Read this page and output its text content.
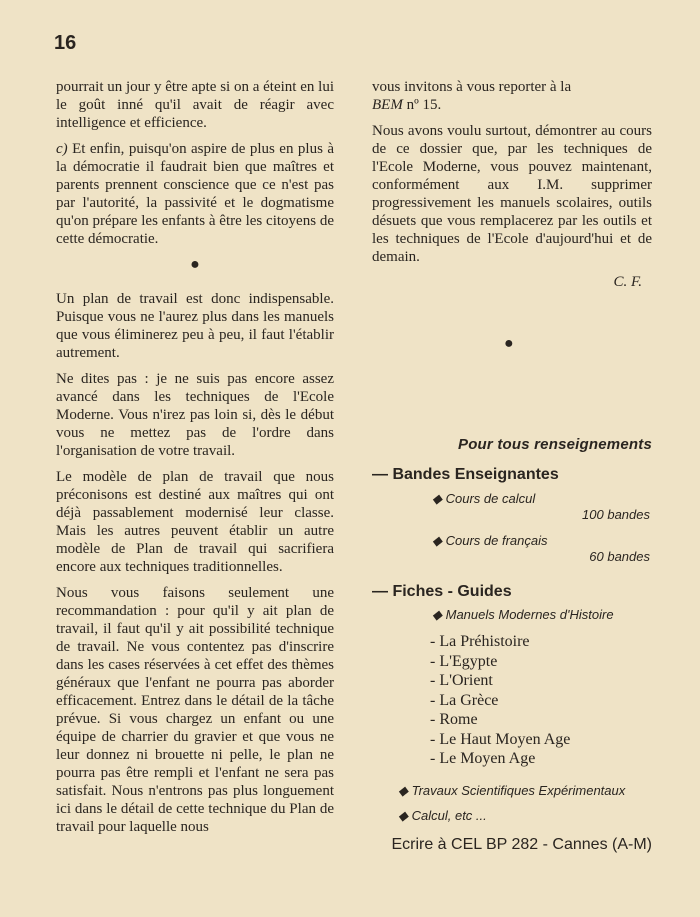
16

pourrait un jour y être apte si on a éteint en lui le goût inné qu'il avait de réagir avec intelligence et efficience.

c) Et enfin, puisqu'on aspire de plus en plus à la démocratie il faudrait bien que maîtres et parents prennent conscience que ce n'est pas par l'autorité, la passivité et le dogmatisme qu'on prépare les enfants à être les citoyens de cette démocratie.

●

Un plan de travail est donc indispensable. Puisque vous ne l'aurez plus dans les manuels que vous éliminerez peu à peu, il faut l'établir autrement.

Ne dites pas : je ne suis pas encore assez avancé dans les techniques de l'Ecole Moderne. Vous n'irez pas loin si, dès le début vous ne mettez pas de l'ordre dans l'organisation de votre travail.

Le modèle de plan de travail que nous préconisons est destiné aux maîtres qui ont déjà passablement modernisé leur classe. Mais les autres peuvent établir un autre modèle de Plan de travail qui sacrifiera encore aux techniques traditionnelles.

Nous vous faisons seulement une recommandation : pour qu'il y ait plan de travail, il faut qu'il y ait possibilité technique de travail. Ne vous contentez pas d'inscrire dans les cases réservées à cet effet des thèmes généraux que l'enfant ne pourra pas aborder efficacement. Entrez dans le détail de la tâche prévue. Si vous chargez un enfant ou une équipe de charrier du gravier et que vous ne leur donnez ni brouette ni pelle, le plan ne pourra pas être rempli et l'enfant ne sera pas satisfait. Nous n'entrons pas plus longuement ici dans le détail de cette technique du Plan de travail pour laquelle nous

vous invitons à vous reporter à la
BEM nº 15.

Nous avons voulu surtout, démontrer au cours de ce dossier que, par les techniques de l'Ecole Moderne, vous pouvez maintenant, conformément aux I.M. supprimer progressivement les manuels scolaires, outils désuets que vous remplacerez par les outils et les techniques de l'Ecole d'aujourd'hui et de demain.

C. F.
●
Pour tous renseignements
— Bandes Enseignantes
◆ Cours de calcul
100 bandes
◆ Cours de français
60 bandes
— Fiches - Guides
◆ Manuels Modernes d'Histoire
- La Préhistoire
- L'Egypte
- L'Orient
- La Grèce
- Rome
- Le Haut Moyen Age
- Le Moyen Age
◆ Travaux Scientifiques Expérimentaux
◆ Calcul, etc ...
Ecrire à CEL BP 282 - Cannes (A-M)
